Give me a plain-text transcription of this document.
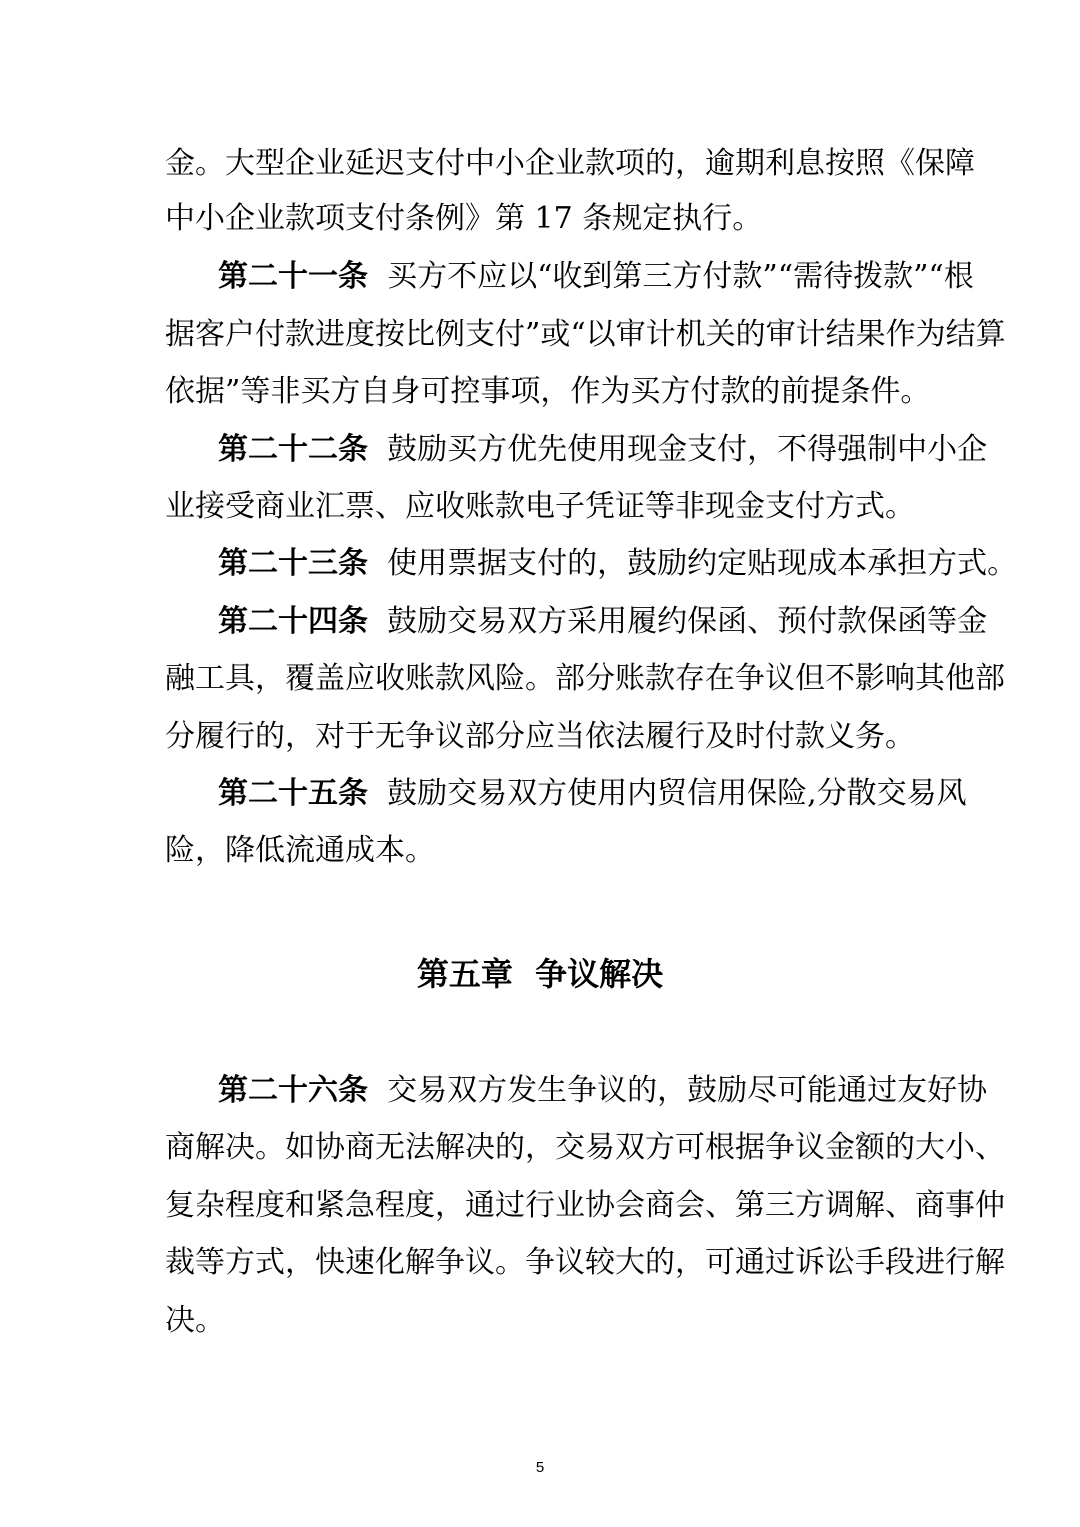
金。大型企业延迟支付中小企业款项的，逾期利息按照《保障
中小企业款项支付条例》第 17 条规定执行。
第二十一条 买方不应以“收到第三方付款”“需待拨款”“根
据客户付款进度按比例支付”或“以审计机关的审计结果作为结算
依据”等非买方自身可控事项，作为买方付款的前提条件。
第二十二条 鼓励买方优先使用现金支付，不得强制中小企
业接受商业汇票、应收账款电子凭证等非现金支付方式。
第二十三条 使用票据支付的，鼓励约定贴现成本承担方式。
第二十四条 鼓励交易双方采用履约保函、预付款保函等金
融工具，覆盖应收账款风险。部分账款存在争议但不影响其他部
分履行的，对于无争议部分应当依法履行及时付款义务。
第二十五条 鼓励交易双方使用内贸信用保险,分散交易风
险，降低流通成本。
第五章  争议解决
第二十六条 交易双方发生争议的，鼓励尽可能通过友好协
商解决。如协商无法解决的，交易双方可根据争议金额的大小、
复杂程度和紧急程度，通过行业协会商会、第三方调解、商事仲
裁等方式，快速化解争议。争议较大的，可通过诉讼手段进行解
决。
5
